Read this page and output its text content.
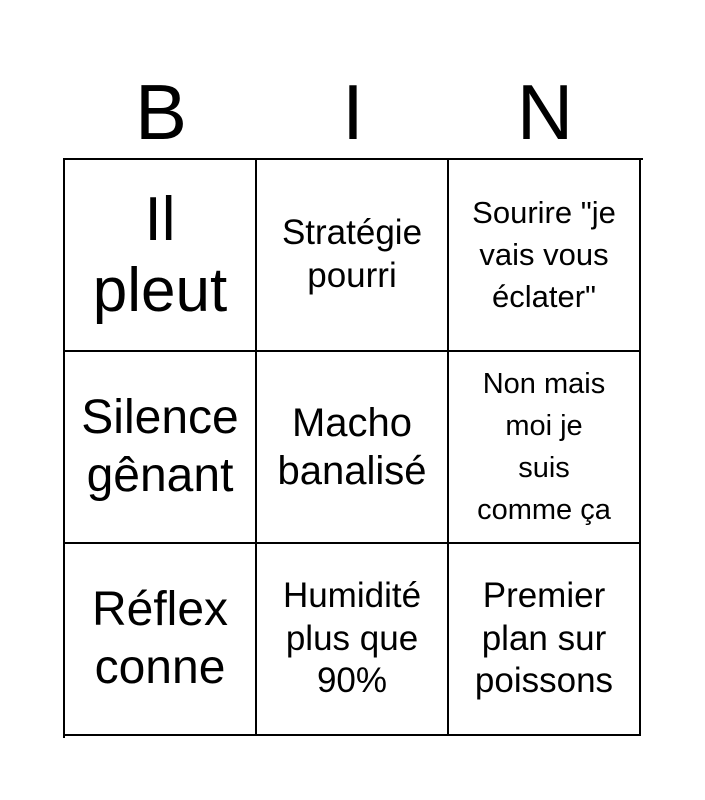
B	I	N
Il
pleut
Stratégie
pourri
Sourire "je
vais vous
éclater"
Silence
gênant
Macho
banalisé
Non mais
moi je
suis
comme ça
Réflex
conne
Humidité
plus que
90%
Premier
plan sur
poissons
